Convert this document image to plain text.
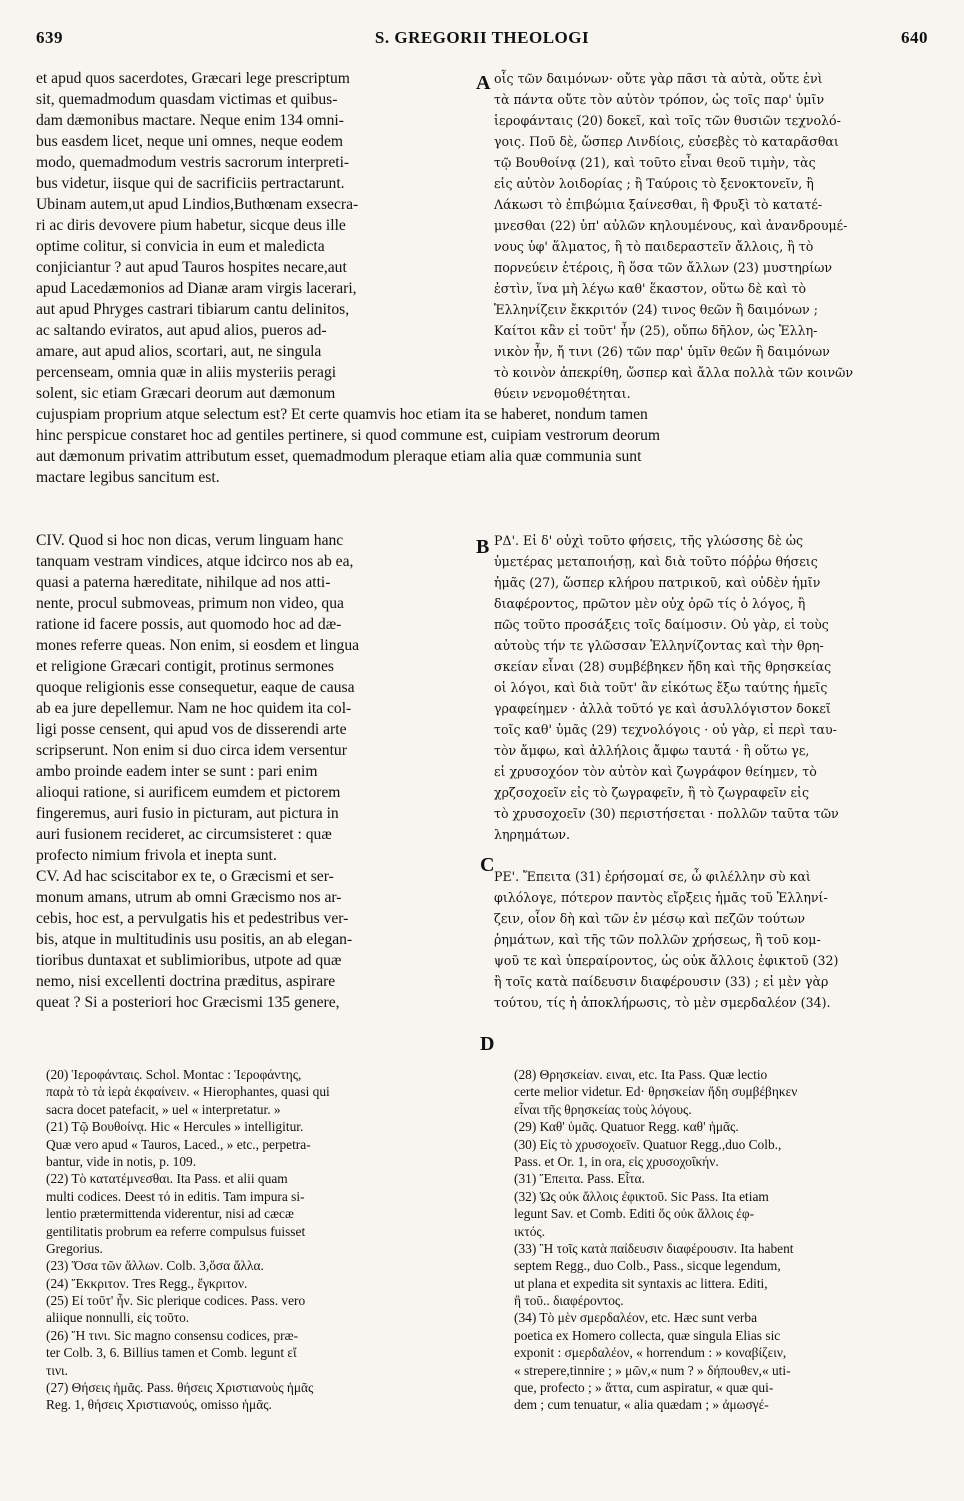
639	S. GREGORII THEOLOGI	640
A
B
C
D
et apud quos sacerdotes, Græcari lege prescriptum
sit, quemadmodum quasdam victimas et quibus-
dam dæmonibus mactare. Neque enim 134 omni-
bus easdem licet, neque uni omnes, neque eodem
modo, quemadmodum vestris sacrorum interpreti-
bus videtur, iisque qui de sacrificiis pertractarunt.
Ubinam autem,ut apud Lindios,Buthœnam exsecra-
ri ac diris devovere pium habetur, sicque deus ille
optime colitur, si convicia in eum et maledicta
conjiciantur ? aut apud Tauros hospites necare,aut
apud Lacedæmonios ad Dianæ aram virgis lacerari,
aut apud Phryges castrari tibiarum cantu delinitos,
ac saltando eviratos, aut apud alios, pueros ad-
amare, aut apud alios, scortari, aut, ne singula
percenseam, omnia quæ in aliis mysteriis peragi
solent, sic etiam Græcari deorum aut dæmonum
οἷς τῶν δαιμόνων· οὔτε γὰρ πᾶσι τὰ αὐτὰ, οὔτε ἑνὶ
τὰ πάντα οὔτε τὸν αὐτὸν τρόπον, ὡς τοῖς παρ' ὑμῖν
ἱεροφάνταις (20) δοκεῖ, καὶ τοῖς τῶν θυσιῶν τεχνολό-
γοις. Ποῦ δὲ, ὥσπερ Λινδίοις, εὐσεβὲς τὸ καταρᾶσθαι
τῷ Βουθοίνᾳ (21), καὶ τοῦτο εἶναι θεοῦ τιμὴν, τὰς
εἰς αὐτὸν λοιδορίας ; ἢ Ταύροις τὸ ξενοκτονεῖν, ἢ
Λάκωσι τὸ ἐπιβώμια ξαίνεσθαι, ἢ Φρυξὶ τὸ κατατέ-
μνεσθαι (22) ὑπ' αὐλῶν κηλουμένους, καὶ ἀνανδρουμέ-
νους ὑφ' ἅλματος, ἢ τὸ παιδεραστεῖν ἄλλοις, ἢ τὸ
πορνεύειν ἑτέροις, ἢ ὅσα τῶν ἄλλων (23) μυστηρίων
ἐστὶν, ἵνα μὴ λέγω καθ' ἕκαστον, οὕτω δὲ καὶ τὸ
Ἑλληνίζειν ἔκκριτόν (24) τινος θεῶν ἢ δαιμόνων ;
Καίτοι κἂν εἰ τοῦτ' ἦν (25), οὔπω δῆλον, ὡς Ἑλλη-
νικὸν ἦν, ἤ τινι (26) τῶν παρ' ὑμῖν θεῶν ἢ δαιμόνων
τὸ κοινὸν ἀπεκρίθη, ὥσπερ καὶ ἄλλα πολλὰ τῶν κοινῶν
θύειν νενομοθέτηται.
cujuspiam proprium atque selectum est? Et certe quamvis hoc etiam ita se haberet, nondum tamen
hinc perspicue constaret hoc ad gentiles pertinere, si quod commune est, cuipiam vestrorum deorum
aut dæmonum privatim attributum esset, quemadmodum pleraque etiam alia quæ communia sunt
mactare legibus sancitum est.
CIV. Quod si hoc non dicas, verum linguam hanc
tanquam vestram vindices, atque idcirco nos ab ea,
quasi a paterna hæreditate, nihilque ad nos atti-
nente, procul submoveas, primum non video, qua
ratione id facere possis, aut quomodo hoc ad dæ-
mones referre queas. Non enim, si eosdem et lingua
et religione Græcari contigit, protinus sermones
quoque religionis esse consequetur, eaque de causa
ab ea jure depellemur. Nam ne hoc quidem ita col-
ligi posse censent, qui apud vos de disserendi arte
scripserunt. Non enim si duo circa idem versentur
ambo proinde eadem inter se sunt : pari enim
alioqui ratione, si aurificem eumdem et pictorem
fingeremus, auri fusio in picturam, aut pictura in
auri fusionem recideret, ac circumsisteret : quæ
profecto nimium frivola et inepta sunt.
CV. Ad hac sciscitabor ex te, o Græcismi et ser-
monum amans, utrum ab omni Græcismo nos ar-
cebis, hoc est, a pervulgatis his et pedestribus ver-
bis, atque in multitudinis usu positis, an ab elegan-
tioribus duntaxat et sublimioribus, utpote ad quæ
nemo, nisi excellenti doctrina præditus, aspirare
queat ? Si a posteriori hoc Græcismi 135 genere,
ΡΔ'. Εἰ δ' οὐχὶ τοῦτο φήσεις, τῆς γλώσσης δὲ ὡς
ὑμετέρας μεταποιήσῃ, καὶ διὰ τοῦτο πόῤῥω θήσεις
ἡμᾶς (27), ὥσπερ κλήρου πατρικοῦ, καὶ οὐδὲν ἡμῖν
διαφέροντος, πρῶτον μὲν οὐχ ὁρῶ τίς ὁ λόγος, ἢ
πῶς τοῦτο προσάξεις τοῖς δαίμοσιν. Οὐ γὰρ, εἰ τοὺς
αὐτοὺς τήν τε γλῶσσαν Ἑλληνίζοντας καὶ τὴν θρη-
σκείαν εἶναι (28) συμβέβηκεν ἤδη καὶ τῆς θρησκείας
οἱ λόγοι, καὶ διὰ τοῦτ' ἂν εἰκότως ἔξω ταύτης ἡμεῖς
γραφείημεν · ἀλλὰ τοῦτό γε καὶ ἀσυλλόγιστον δοκεῖ
τοῖς καθ' ὑμᾶς (29) τεχνολόγοις · οὐ γὰρ, εἰ περὶ ταυ-
τὸν ἄμφω, καὶ ἀλλήλοις ἄμφω ταυτά · ἢ οὕτω γε,
εἰ χρυσοχόον τὸν αὐτὸν καὶ ζωγράφον θείημεν, τὸ
χρζσοχοεῖν εἰς τὸ ζωγραφεῖν, ἢ τὸ ζωγραφεῖν εἰς
τὸ χρυσοχοεῖν (30) περιστήσεται · πολλῶν ταῦτα τῶν
ληρημάτων.
ΡΕ'. Ἔπειτα (31) ἐρήσομαί σε, ὦ φιλέλλην σὺ καὶ
φιλόλογε, πότερον παντὸς εἴρξεις ἡμᾶς τοῦ Ἑλληνί-
ζειν, οἷον δὴ καὶ τῶν ἐν μέσῳ καὶ πεζῶν τούτων
ῥημάτων, καὶ τῆς τῶν πολλῶν χρήσεως, ἢ τοῦ κομ-
ψοῦ τε καὶ ὑπεραίροντος, ὡς οὐκ ἄλλοις ἐφικτοῦ (32)
ἢ τοῖς κατὰ παίδευσιν διαφέρουσιν (33) ; εἰ μὲν γὰρ
τούτου, τίς ἡ ἀποκλήρωσις, τὸ μὲν σμερδαλέον (34).
(20) Ἱεροφάνταις. Schol. Montac : Ἱεροφάντης,
παρὰ τὸ τὰ ἱερὰ ἐκφαίνειν. « Hierophantes, quasi qui
sacra docet patefacit, » uel « interpretatur. »
(21) Τῷ Βουθοίνᾳ. Hic « Hercules » intelligitur.
Quæ vero apud « Tauros, Laced., » etc., perpetra-
bantur, vide in notis, p. 109.
(22) Τὸ κατατέμνεσθαι. Ita Pass. et alii quam
multi codices. Deest τό in editis. Tam impura si-
lentio prætermittenda viderentur, nisi ad cæcæ
gentilitatis probrum ea referre compulsus fuisset
Gregorius.
(23) Ὅσα τῶν ἄλλων. Colb. 3,ὅσα ἄλλα.
(24) Ἔκκριτον. Tres Regg., ἔγκριτον.
(25) Εἰ τοῦτ' ἦν. Sic plerique codices. Pass. vero
aliique nonnulli, εἰς τοῦτο.
(26) Ἤ τινι. Sic magno consensu codices, præ-
ter Colb. 3, 6. Billius tamen et Comb. legunt εἴ
τινι.
(27) Θήσεις ἡμᾶς. Pass. θήσεις Χριστιανοὺς ἡμᾶς
Reg. 1, θήσεις Χριστιανούς, omisso ἡμᾶς.
(28) Θρησκείαν. ειναι, etc. Ita Pass. Quæ lectio
certe melior videtur. Ed· θρησκείαν ἤδη συμβέβηκεν
εἶναι τῆς θρησκείας τοὺς λόγους.
(29) Καθ' ὑμᾶς. Quatuor Regg. καθ' ἡμᾶς.
(30) Εἰς τὸ χρυσοχοεῖν. Quatuor Regg.,duo Colb.,
Pass. et Or. 1, in ora, εἰς χρυσοχοΐκήν.
(31) Ἔπειτα. Pass. Εἶτα.
(32) Ὡς οὐκ ἄλλοις ἐφικτοῦ. Sic Pass. Ita etiam
legunt Sav. et Comb. Editi ὅς οὐκ ἄλλοις ἐφ-
ικτός.
(33) Ἢ τοῖς κατὰ παίδευσιν διαφέρουσιν. Ita habent
septem Regg., duo Colb., Pass., sicque legendum,
ut plana et expedita sit syntaxis ac littera. Editi,
ἢ τοῦ.. διαφέροντος.
(34) Τὸ μὲν σμερδαλέον, etc. Hæc sunt verba
poetica ex Homero collecta, quæ singula Elias sic
exponit : σμερδαλέον, « horrendum : » κοναβίζειν,
« strepere,tinnire ; » μῶν,« num ? » δήπουθεν,« uti-
que, profecto ; » ἅττα, cum aspiratur, « quæ qui-
dem ; cum tenuatur, « alia quædam ; » ἀμωσγέ-
